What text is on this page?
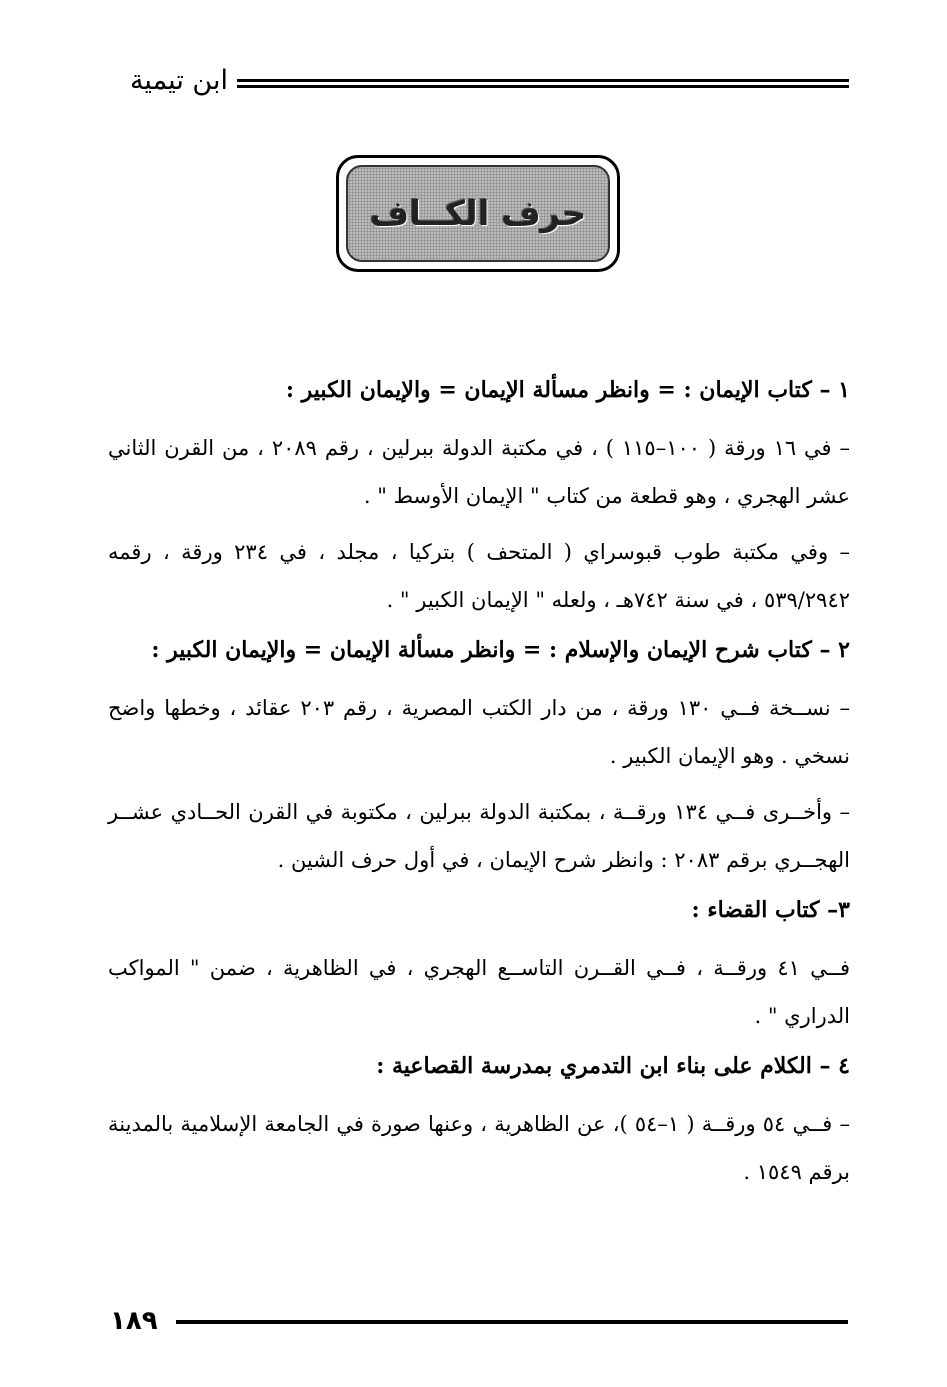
ابن تيمية
حرف الكــاف

١ – كتاب الإيمان : = وانظر مسألة الإيمان = والإيمان الكبير :

– في ١٦ ورقة ( ١٠٠–١١٥ ) ، في مكتبة الدولة ببرلين ، رقم ٢٠٨٩ ، من القرن الثاني عشر الهجري ، وهو قطعة من كتاب " الإيمان الأوسط " .

– وفي مكتبة طوب قبوسراي ( المتحف ) بتركيا ، مجلد ، في ٢٣٤ ورقة ، رقمه ٥٣٩/٢٩٤٢ ، في سنة ٧٤٢هـ ، ولعله " الإيمان الكبير " .

٢ – كتاب شرح الإيمان والإسلام : = وانظر مسألة الإيمان = والإيمان الكبير :

– نســخة فــي ١٣٠ ورقة ، من دار الكتب المصرية ، رقم ٢٠٣ عقائد ، وخطها واضح نسخي . وهو الإيمان الكبير .

– وأخــرى فــي ١٣٤ ورقــة ، بمكتبة الدولة ببرلين ، مكتوبة في القرن الحــادي عشــر الهجــري برقم ٢٠٨٣ : وانظر شرح الإيمان ، في أول حرف الشين .

٣– كتاب القضاء :

فــي ٤١ ورقــة ، فــي القــرن التاســع الهجري ، في الظاهرية ، ضمن " المواكب الدراري " .

٤ – الكلام على بناء ابن التدمري بمدرسة القصاعية :

– فــي ٥٤ ورقــة ( ١–٥٤ )، عن الظاهرية ، وعنها صورة في الجامعة الإسلامية بالمدينة برقم ١٥٤٩ .

١٨٩
